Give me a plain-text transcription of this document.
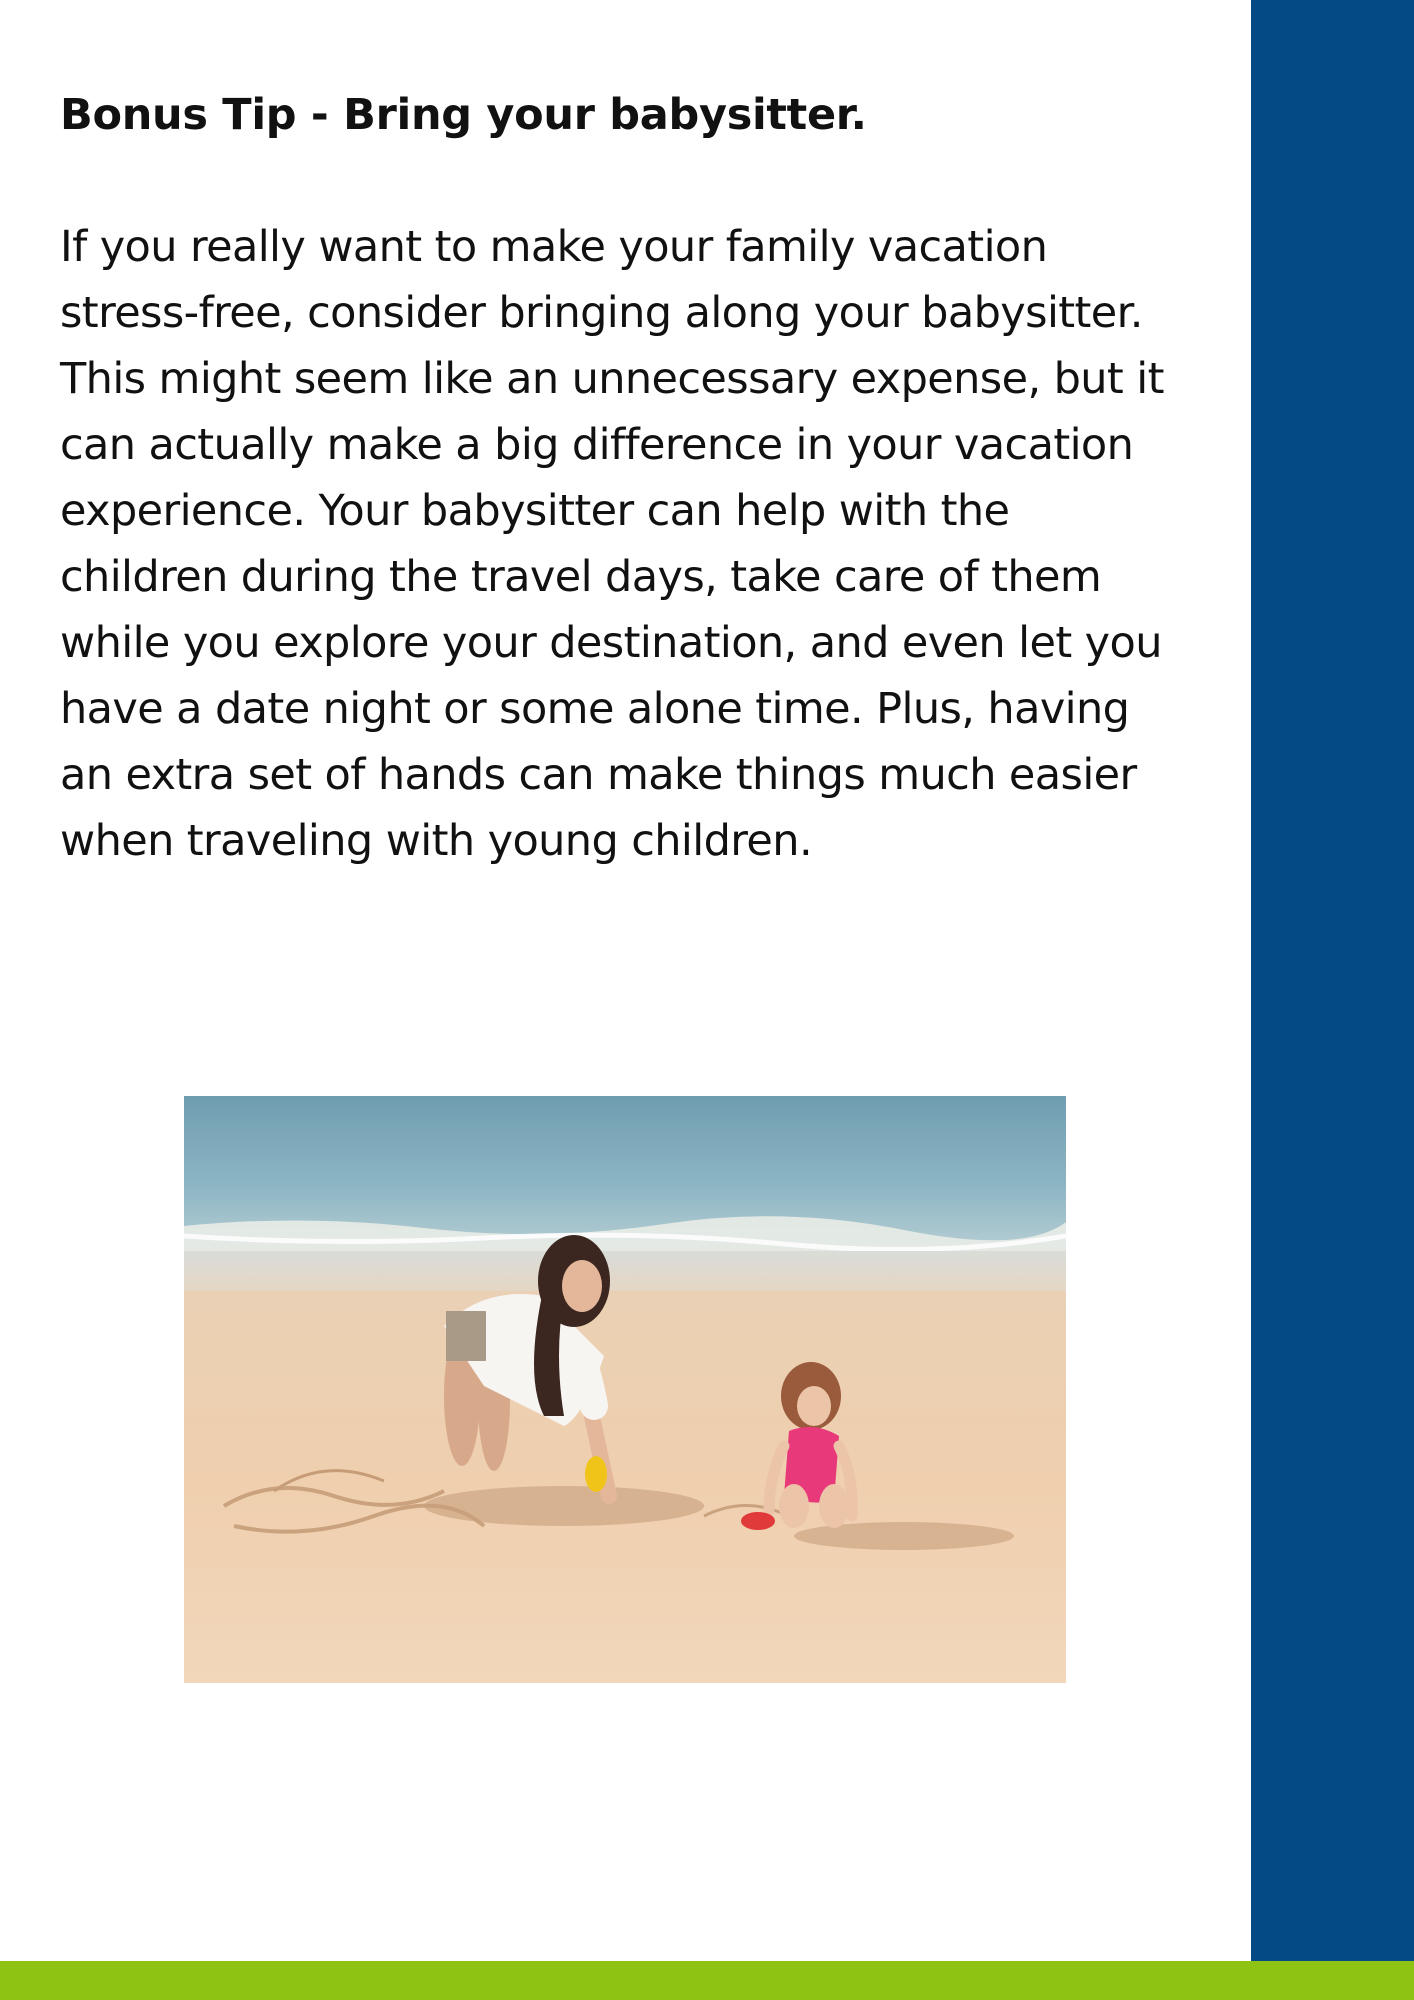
Bonus Tip - Bring your babysitter.

If you really want to make your family vacation stress-free, consider bringing along your babysitter. This might seem like an unnecessary expense, but it can actually make a big difference in your vacation experience. Your babysitter can help with the children during the travel days, take care of them while you explore your destination, and even let you have a date night or some alone time. Plus, having an extra set of hands can make things much easier when traveling with young children.
